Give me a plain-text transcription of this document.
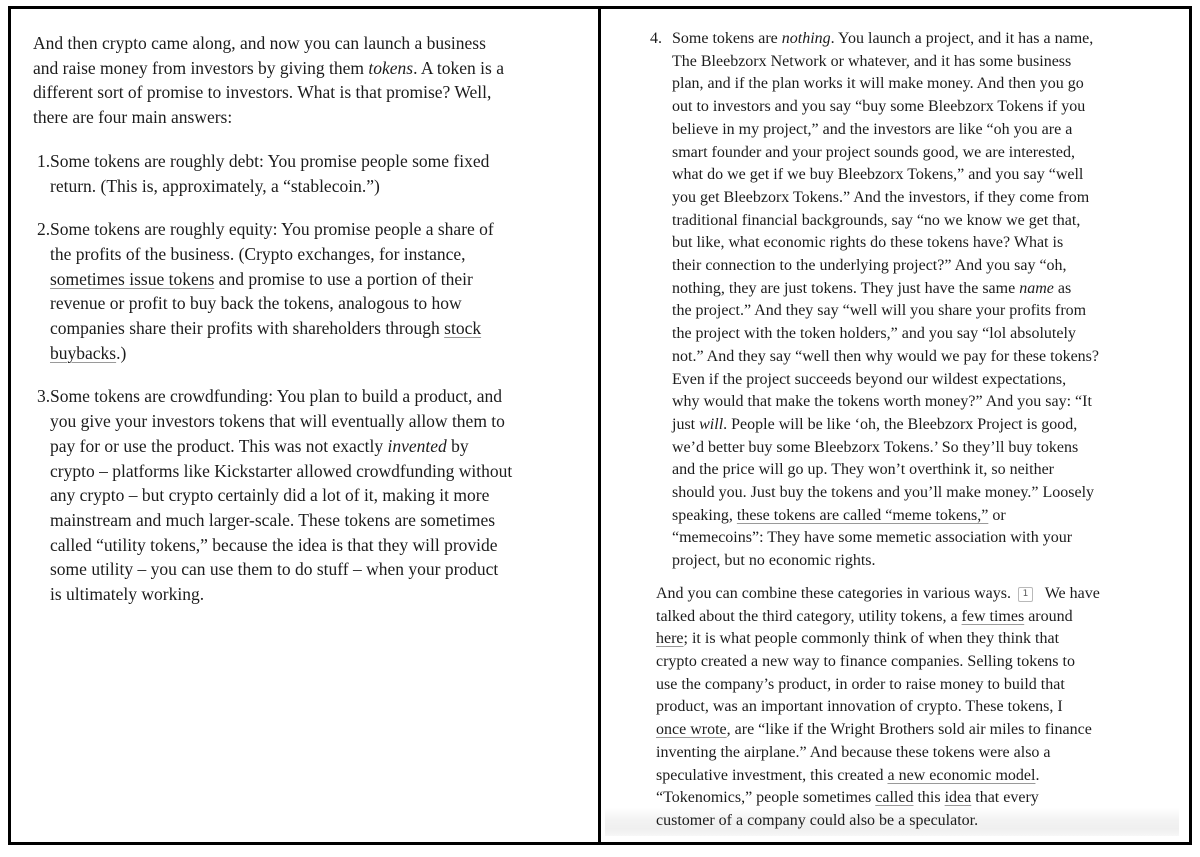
And then crypto came along, and now you can launch a business
and raise money from investors by giving them tokens. A token is a
different sort of promise to investors. What is that promise? Well,
there are four main answers:
1. Some tokens are roughly debt: You promise people some fixed
return. (This is, approximately, a “stablecoin.”)
2. Some tokens are roughly equity: You promise people a share of
the profits of the business. (Crypto exchanges, for instance,
sometimes issue tokens and promise to use a portion of their
revenue or profit to buy back the tokens, analogous to how
companies share their profits with shareholders through stock
buybacks.)
3. Some tokens are crowdfunding: You plan to build a product, and
you give your investors tokens that will eventually allow them to
pay for or use the product. This was not exactly invented by
crypto – platforms like Kickstarter allowed crowdfunding without
any crypto – but crypto certainly did a lot of it, making it more
mainstream and much larger-scale. These tokens are sometimes
called “utility tokens,” because the idea is that they will provide
some utility – you can use them to do stuff – when your product
is ultimately working.
4. Some tokens are nothing. You launch a project, and it has a name,
The Bleebzorx Network or whatever, and it has some business
plan, and if the plan works it will make money. And then you go
out to investors and you say “buy some Bleebzorx Tokens if you
believe in my project,” and the investors are like “oh you are a
smart founder and your project sounds good, we are interested,
what do we get if we buy Bleebzorx Tokens,” and you say “well
you get Bleebzorx Tokens.” And the investors, if they come from
traditional financial backgrounds, say “no we know we get that,
but like, what economic rights do these tokens have? What is
their connection to the underlying project?” And you say “oh,
nothing, they are just tokens. They just have the same name as
the project.” And they say “well will you share your profits from
the project with the token holders,” and you say “lol absolutely
not.” And they say “well then why would we pay for these tokens?
Even if the project succeeds beyond our wildest expectations,
why would that make the tokens worth money?” And you say: “It
just will. People will be like ‘oh, the Bleebzorx Project is good,
we’d better buy some Bleebzorx Tokens.’ So they’ll buy tokens
and the price will go up. They won’t overthink it, so neither
should you. Just buy the tokens and you’ll make money.” Loosely
speaking, these tokens are called “meme tokens,” or
“memecoins”: They have some memetic association with your
project, but no economic rights.
And you can combine these categories in various ways. 1  We have
talked about the third category, utility tokens, a few times around
here; it is what people commonly think of when they think that
crypto created a new way to finance companies. Selling tokens to
use the company’s product, in order to raise money to build that
product, was an important innovation of crypto. These tokens, I
once wrote, are “like if the Wright Brothers sold air miles to finance
inventing the airplane.” And because these tokens were also a
speculative investment, this created a new economic model.
“Tokenomics,” people sometimes called this idea that every
customer of a company could also be a speculator.
